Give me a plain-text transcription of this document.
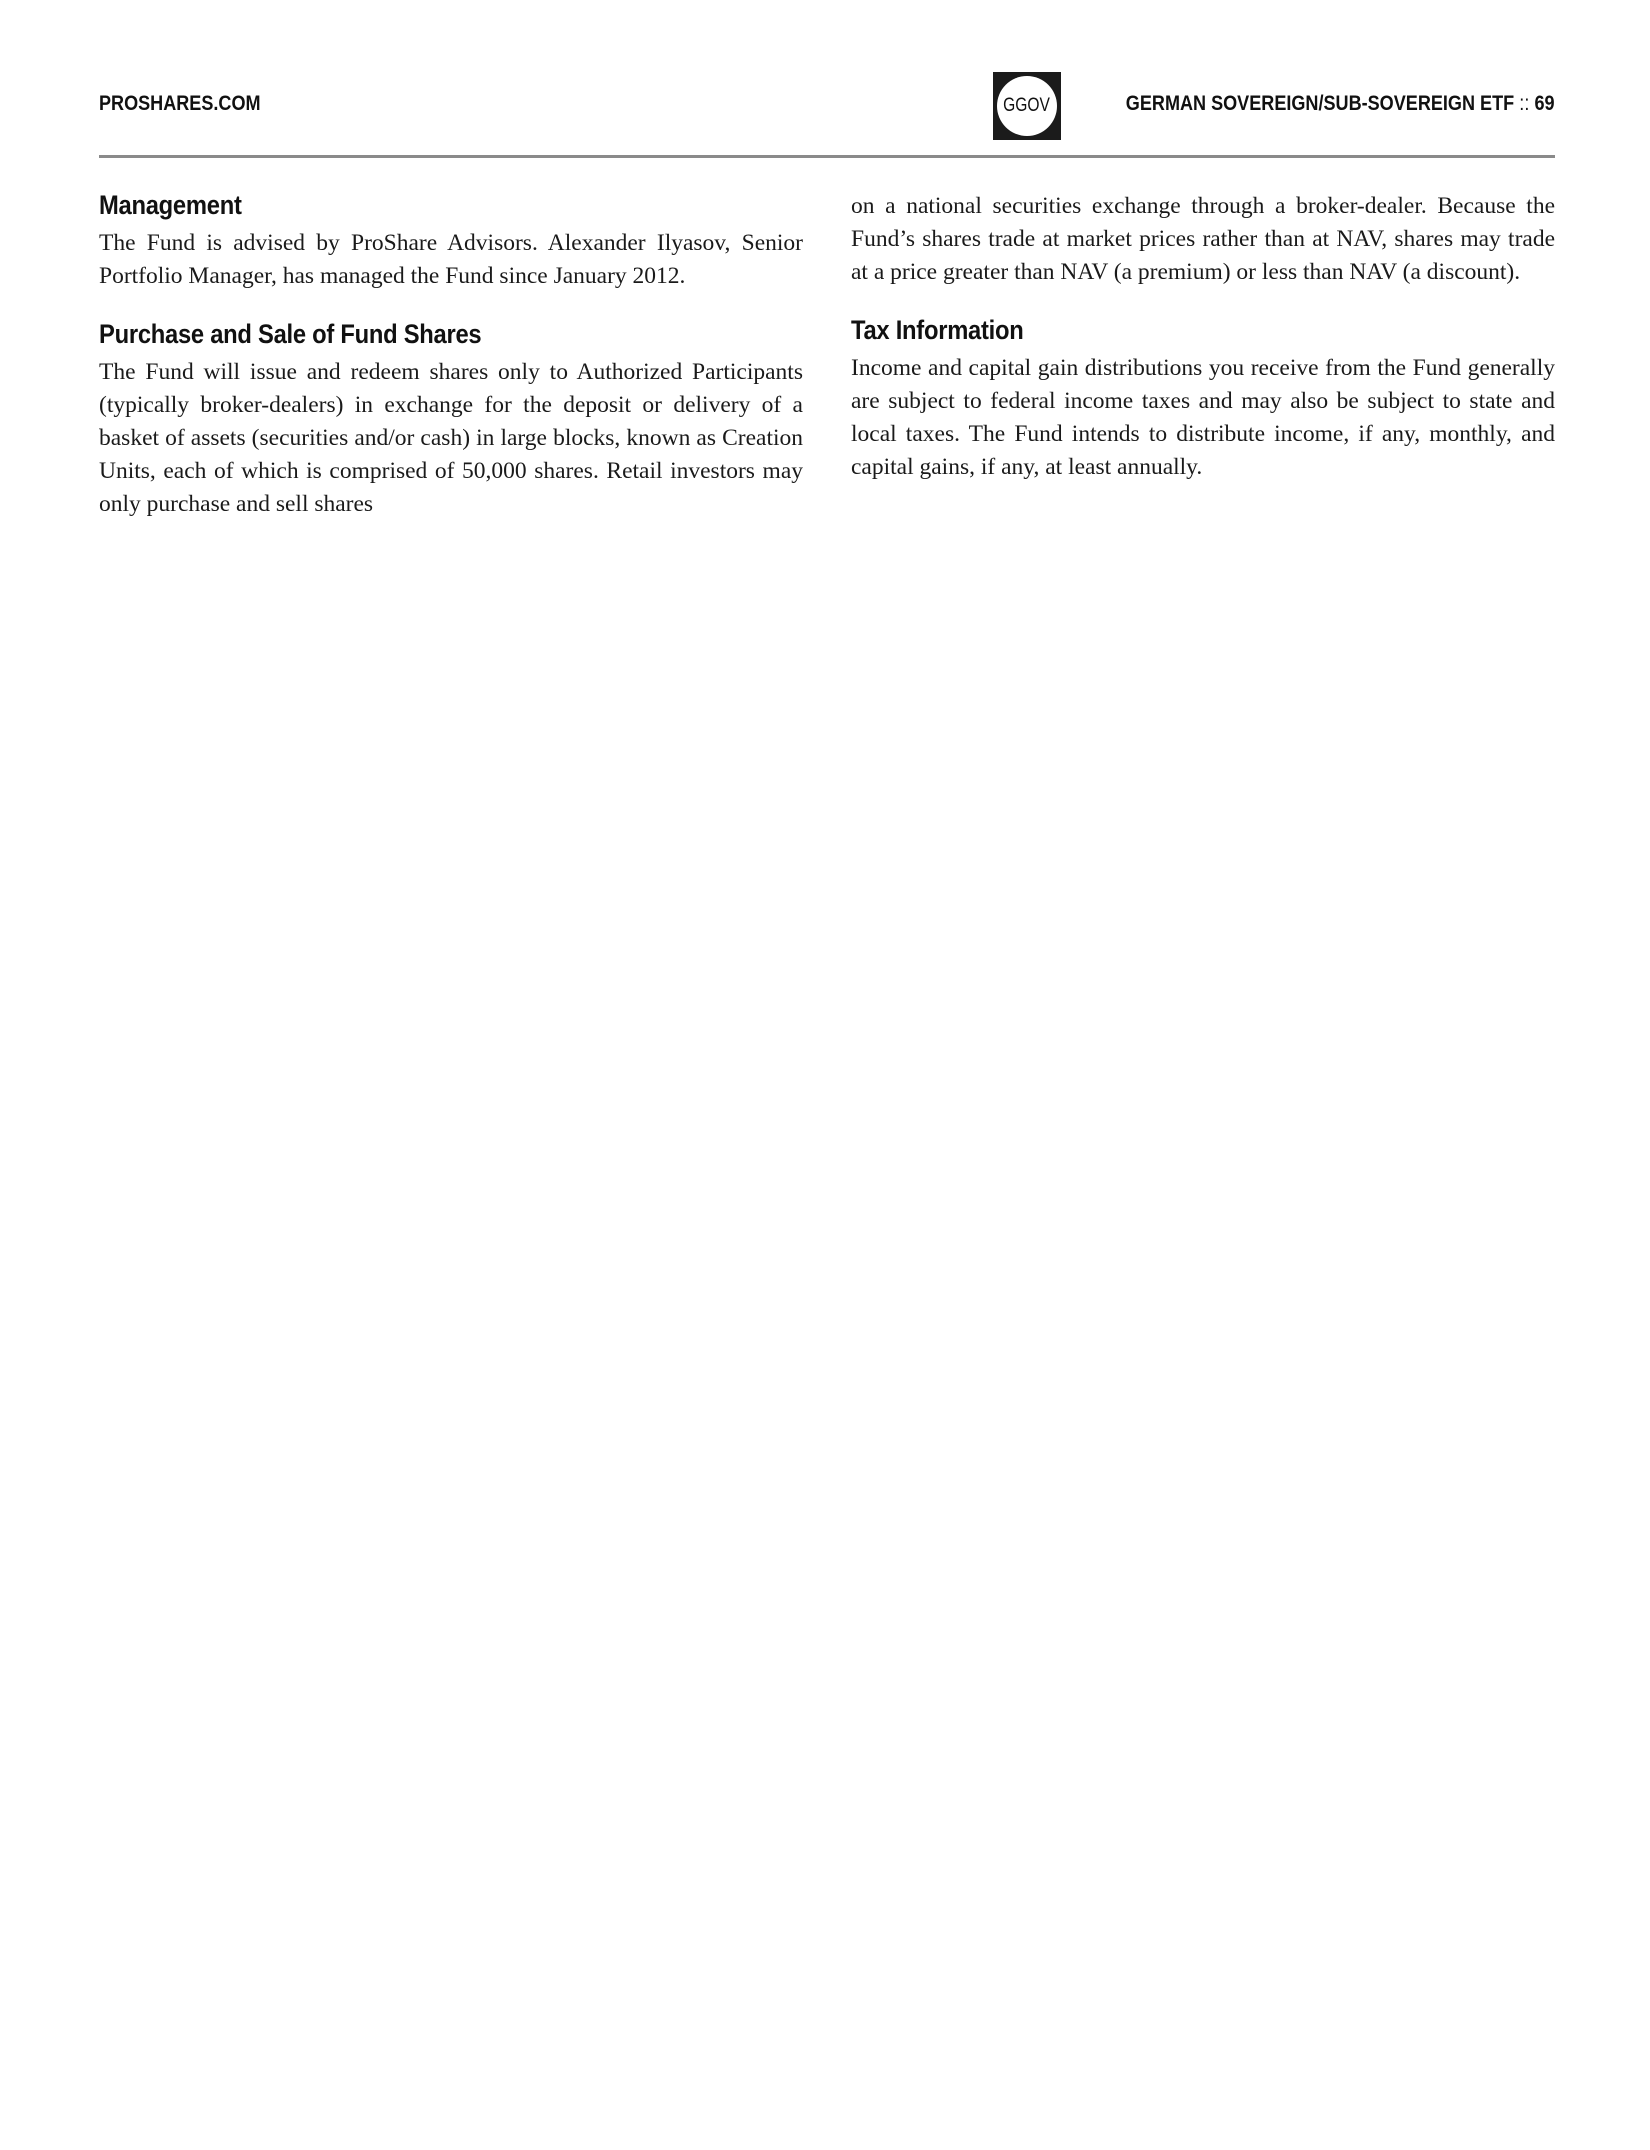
PROSHARES.COM	GGOV	GERMAN SOVEREIGN/SUB-SOVEREIGN ETF :: 69
Management

The Fund is advised by ProShare Advisors. Alexander Ilyasov, Senior Portfolio Manager, has managed the Fund since January 2012.

Purchase and Sale of Fund Shares

The Fund will issue and redeem shares only to Authorized Participants (typically broker-dealers) in exchange for the deposit or delivery of a basket of assets (securities and/or cash) in large blocks, known as Creation Units, each of which is comprised of 50,000 shares. Retail investors may only purchase and sell shares

on a national securities exchange through a broker-dealer. Because the Fund’s shares trade at market prices rather than at NAV, shares may trade at a price greater than NAV (a premium) or less than NAV (a discount).

Tax Information

Income and capital gain distributions you receive from the Fund generally are subject to federal income taxes and may also be subject to state and local taxes. The Fund intends to distribute income, if any, monthly, and capital gains, if any, at least annually.
